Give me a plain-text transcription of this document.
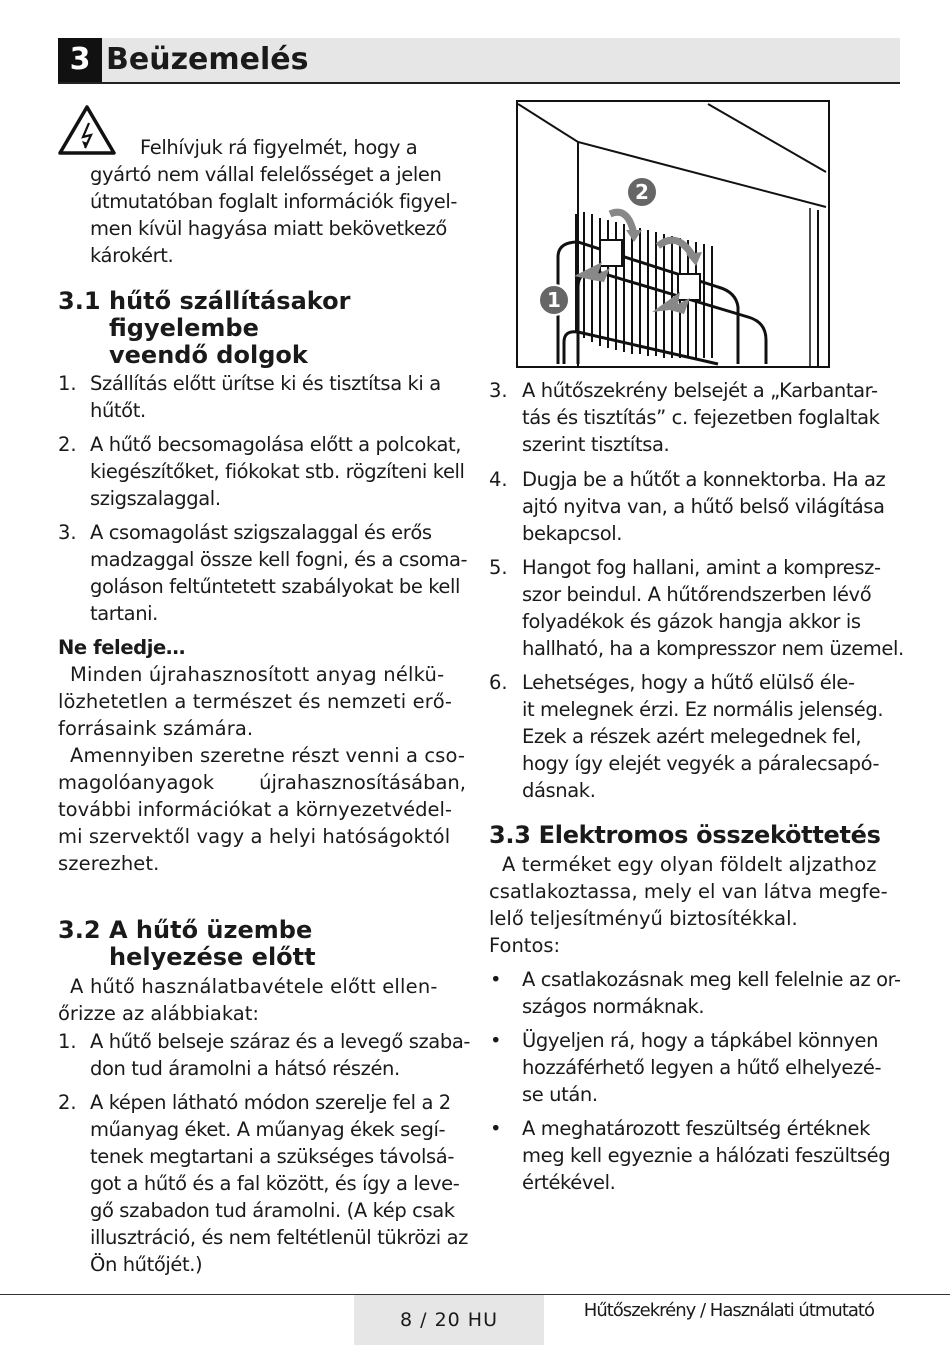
3 Beüzemelés
Felhívjuk rá figyelmét, hogy a
gyártó nem vállal felelősséget a jelen
útmutatóban foglalt információk figyel-
men kívül hagyása miatt bekövetkező
károkért.
3.1 hűtő szállításakor
figyelembe
veendő dolgok
1. Szállítás előtt ürítse ki és tisztítsa ki a
hűtőt.
2. A hűtő becsomagolása előtt a polcokat,
kiegészítőket, fiókokat stb. rögzíteni kell
szigszalaggal.
3. A csomagolást szigszalaggal és erős
madzaggal össze kell fogni, és a csoma-
goláson feltűntetett szabályokat be kell
tartani.
Ne feledje…
Minden újrahasznosított anyag nélkü-
lözhetetlen a természet és nemzeti erő-
forrásaink számára.
Amennyiben szeretne részt venni a cso-
magolóanyagok újrahasznosításában,
további információkat a környezetvédel-
mi szervektől vagy a helyi hatóságoktól
szerezhet.
3.2 A hűtő üzembe
helyezése előtt
A hűtő használatbavétele előtt ellen-
őrizze az alábbiakat:
1. A hűtő belseje száraz és a levegő szaba-
don tud áramolni a hátsó részén.
2. A képen látható módon szerelje fel a 2
műanyag éket. A műanyag ékek segí-
tenek megtartani a szükséges távolsá-
got a hűtő és a fal között, és így a leve-
gő szabadon tud áramolni. (A kép csak
illusztráció, és nem feltétlenül tükrözi az
Ön hűtőjét.)
1
2
3. A hűtőszekrény belsejét a „Karbantar-
tás és tisztítás” c. fejezetben foglaltak
szerint tisztítsa.
4. Dugja be a hűtőt a konnektorba. Ha az
ajtó nyitva van, a hűtő belső világítása
bekapcsol.
5. Hangot fog hallani, amint a kompresz-
szor beindul. A hűtőrendszerben lévő
folyadékok és gázok hangja akkor is
hallható, ha a kompresszor nem üzemel.
6. Lehetséges, hogy a hűtő elülső éle-
it melegnek érzi. Ez normális jelenség.
Ezek a részek azért melegednek fel,
hogy így elejét vegyék a páralecsapó-
dásnak.
3.3 Elektromos összeköttetés
A terméket egy olyan földelt aljzathoz
csatlakoztassa, mely el van látva megfe-
lelő teljesítményű biztosítékkal.
Fontos:
• A csatlakozásnak meg kell felelnie az or-
szágos normáknak.
• Ügyeljen rá, hogy a tápkábel könnyen
hozzáférhető legyen a hűtő elhelyezé-
se után.
• A meghatározott feszültség értéknek
meg kell egyeznie a hálózati feszültség
értékével.
8 / 20 HU	Hűtőszekrény / Használati útmutató
